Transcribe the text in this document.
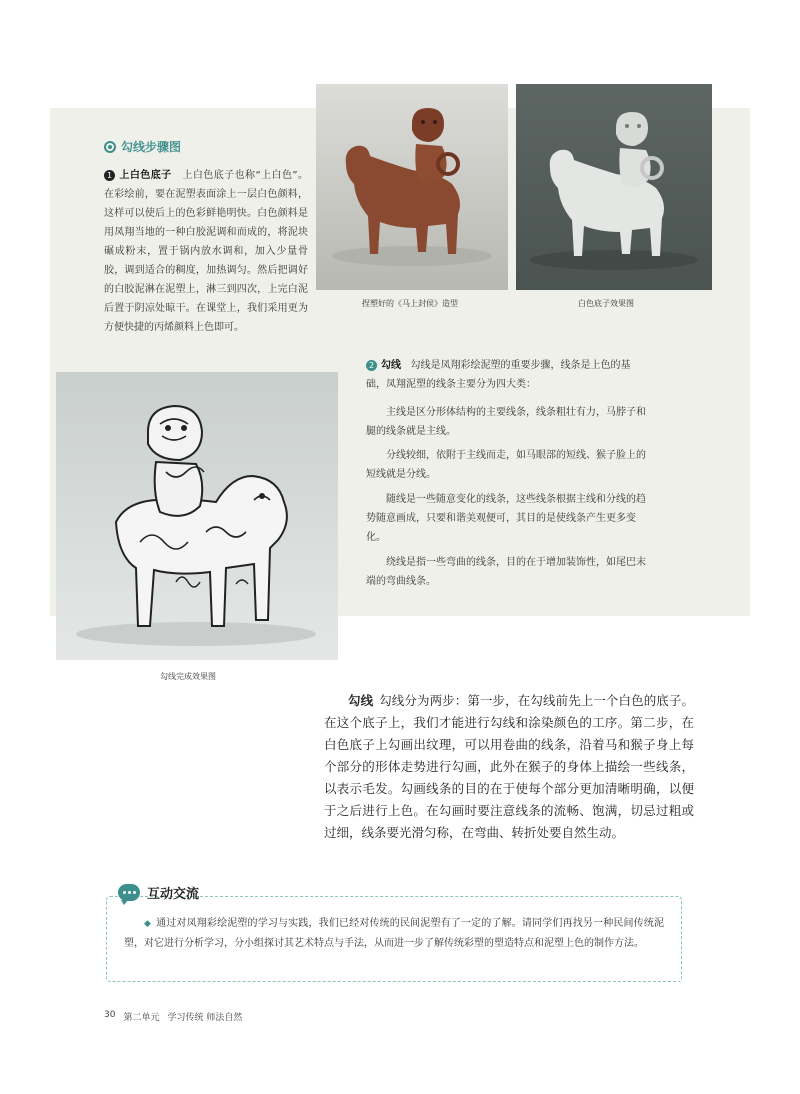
捏塑好的《马上封侯》造型	白色底子效果图
勾线完成效果图
勾线步骤图
1 上白色底子 上白色底子也称“上白色”。在彩绘前，要在泥塑表面涂上一层白色颜料，这样可以使后上的色彩鲜艳明快。白色颜料是用凤翔当地的一种白胶泥调和而成的，将泥块碾成粉末，置于锅内放水调和，加入少量骨胶，调到适合的稠度，加热调匀。然后把调好的白胶泥淋在泥塑上，淋三到四次，上完白泥后置于阴凉处晾干。在课堂上，我们采用更为方便快捷的丙烯颜料上色即可。
2 勾线 勾线是凤翔彩绘泥塑的重要步骤，线条是上色的基础，凤翔泥塑的线条主要分为四大类：
主线是区分形体结构的主要线条，线条粗壮有力，马脖子和腿的线条就是主线。
分线较细，依附于主线而走，如马眼部的短线、猴子脸上的短线就是分线。
随线是一些随意变化的线条，这些线条根据主线和分线的趋势随意画成，只要和谐美观便可，其目的是使线条产生更多变化。
绕线是指一些弯曲的线条，目的在于增加装饰性，如尾巴末端的弯曲线条。
勾线 勾线分为两步：第一步，在勾线前先上一个白色的底子。在这个底子上，我们才能进行勾线和涂染颜色的工序。第二步，在白色底子上勾画出纹理，可以用卷曲的线条，沿着马和猴子身上每个部分的形体走势进行勾画，此外在猴子的身体上描绘一些线条，以表示毛发。勾画线条的目的在于使每个部分更加清晰明确，以便于之后进行上色。在勾画时要注意线条的流畅、饱满，切忌过粗或过细，线条要光滑匀称，在弯曲、转折处要自然生动。
互动交流
◆ 通过对凤翔彩绘泥塑的学习与实践，我们已经对传统的民间泥塑有了一定的了解。请同学们再找另一种民间传统泥塑，对它进行分析学习，分小组探讨其艺术特点与手法，从而进一步了解传统彩塑的塑造特点和泥塑上色的制作方法。
30 第二单元 学习传统 师法自然
